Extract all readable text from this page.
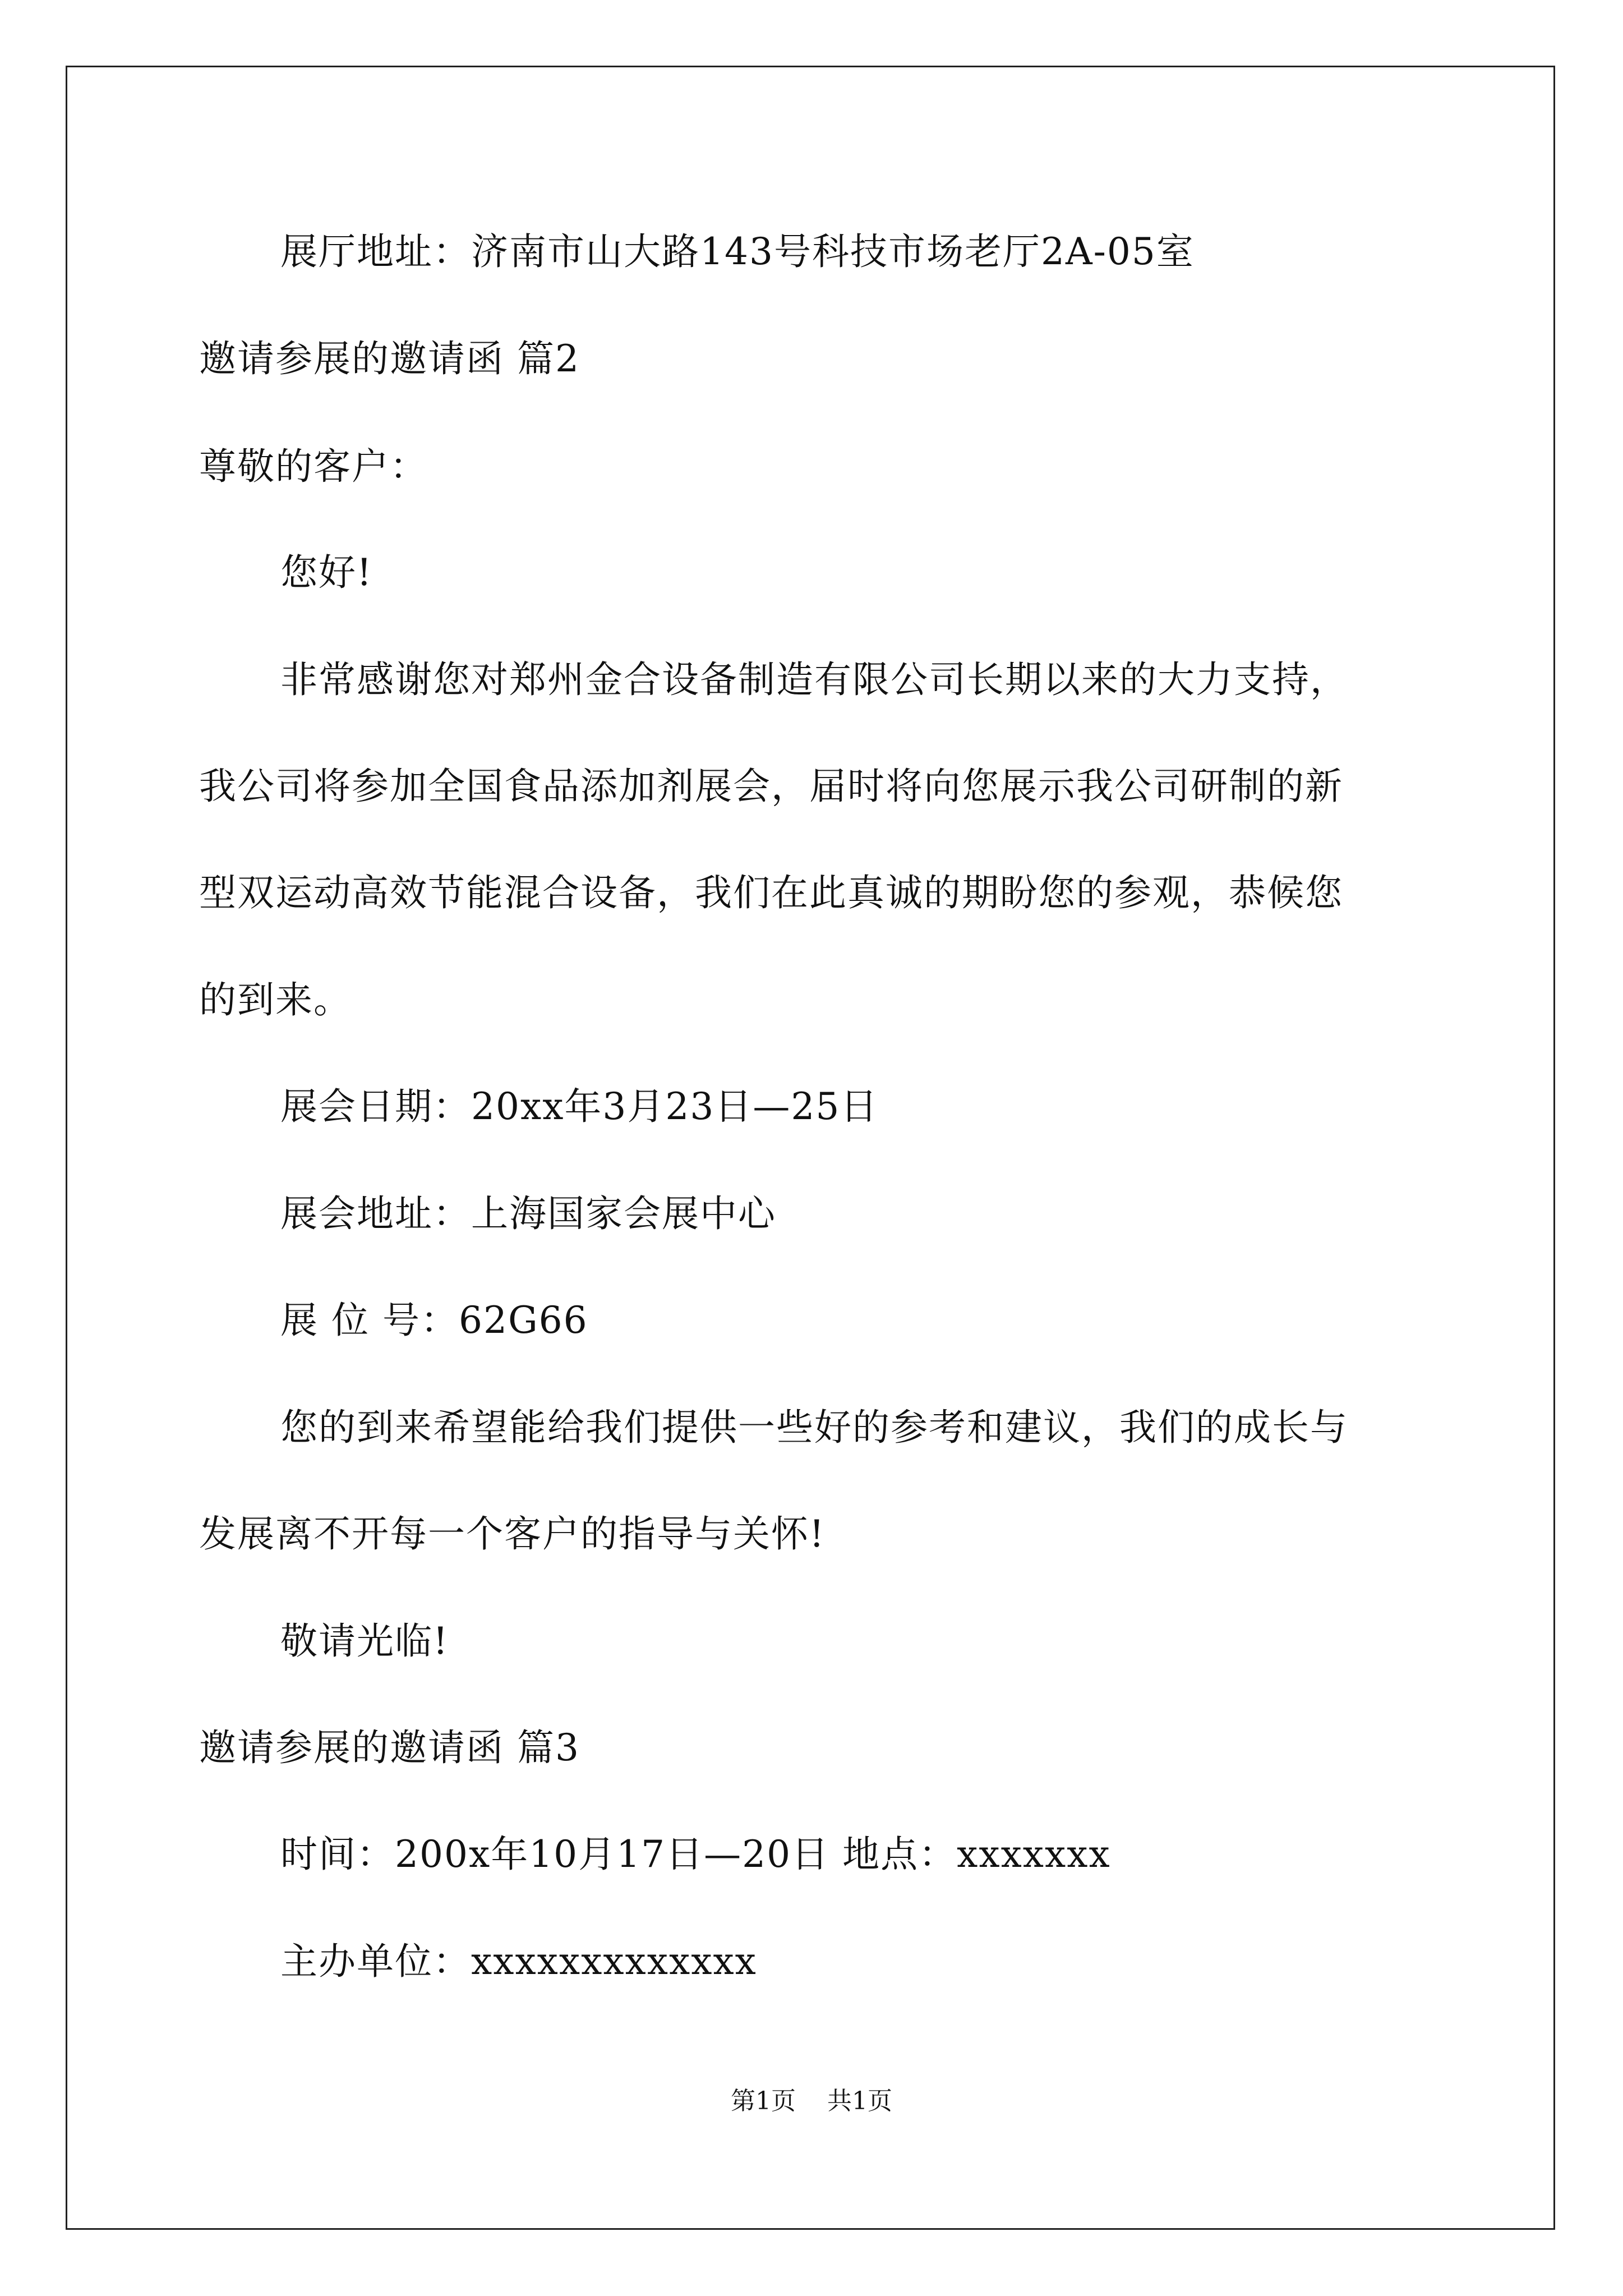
展厅地址：济南市山大路143号科技市场老厅2A-05室
邀请参展的邀请函 篇2
尊敬的客户：
您好!
非常感谢您对郑州金合设备制造有限公司长期以来的大力支持，
我公司将参加全国食品添加剂展会，届时将向您展示我公司研制的新
型双运动高效节能混合设备，我们在此真诚的期盼您的参观，恭候您
的到来。
展会日期：20xx年3月23日—25日
展会地址：上海国家会展中心
展 位 号：62G66
您的到来希望能给我们提供一些好的参考和建议，我们的成长与
发展离不开每一个客户的指导与关怀!
敬请光临!
邀请参展的邀请函 篇3
时间：200x年10月17日—20日 地点：xxxxxxx
主办单位：xxxxxxxxxxxxx
第1页 共1页
